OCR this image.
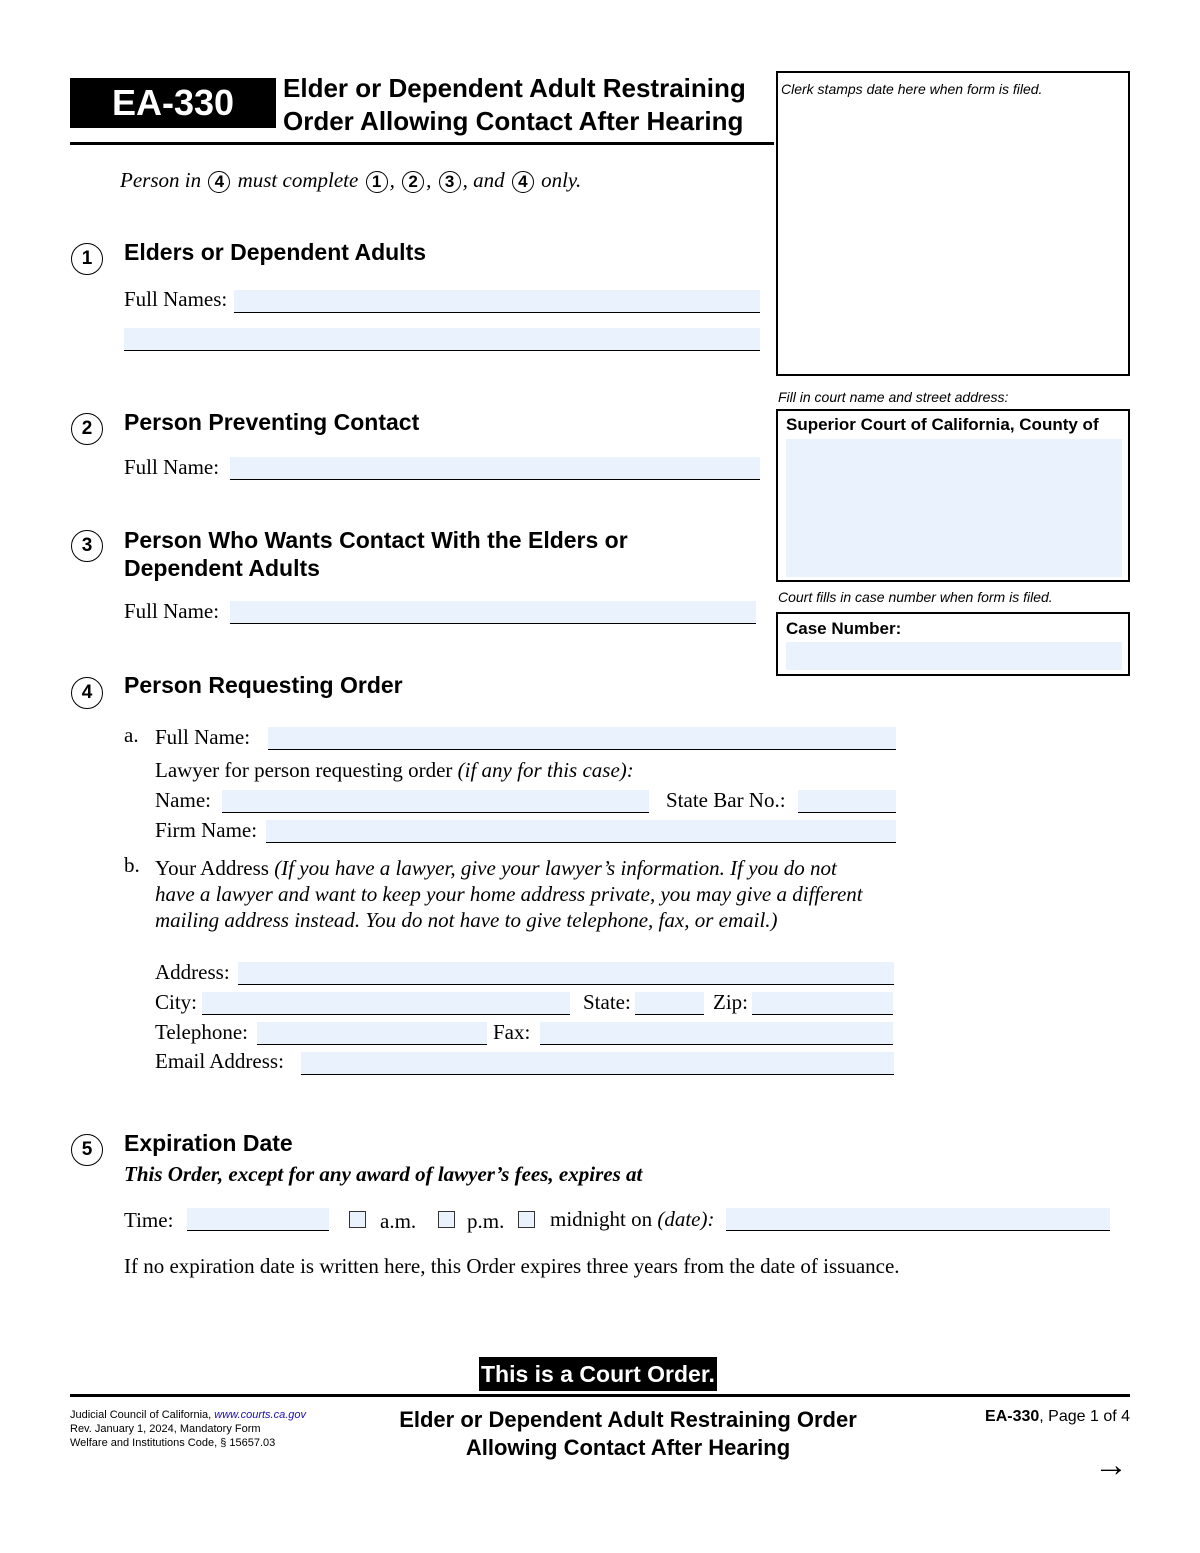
EA-330 Elder or Dependent Adult Restraining
Order Allowing Contact After Hearing
Person in 4 must complete 1 , 2 , 3 , and 4 only.
Clerk stamps date here when form is filed.
Fill in court name and street address:
Superior Court of California, County of
Court fills in case number when form is filed.
Case Number:
1	Elders or Dependent Adults
Full Names:
2	Person Preventing Contact
Full Name:
3	Person Who Wants Contact With the Elders or
Dependent Adults
Full Name:
4	Person Requesting Order
a. Full Name:
Lawyer for person requesting order (if any for this case):
Name:	State Bar No.:
Firm Name:
b. Your Address (If you have a lawyer, give your lawyer’s information. If you do not
have a lawyer and want to keep your home address private, you may give a different
mailing address instead. You do not have to give telephone, fax, or email.)
Address:
City:	State:	Zip:
Telephone:	Fax:
Email Address:
5	Expiration Date
This Order, except for any award of lawyer’s fees, expires at
Time:	a.m. p.m. midnight on (date):
If no expiration date is written here, this Order expires three years from the date of issuance.
This is a Court Order.
Judicial Council of California, www.courts.ca.gov
Rev. January 1, 2024, Mandatory Form
Welfare and Institutions Code, § 15657.03
Elder or Dependent Adult Restraining Order
Allowing Contact After Hearing
EA-330, Page 1 of 4
→
